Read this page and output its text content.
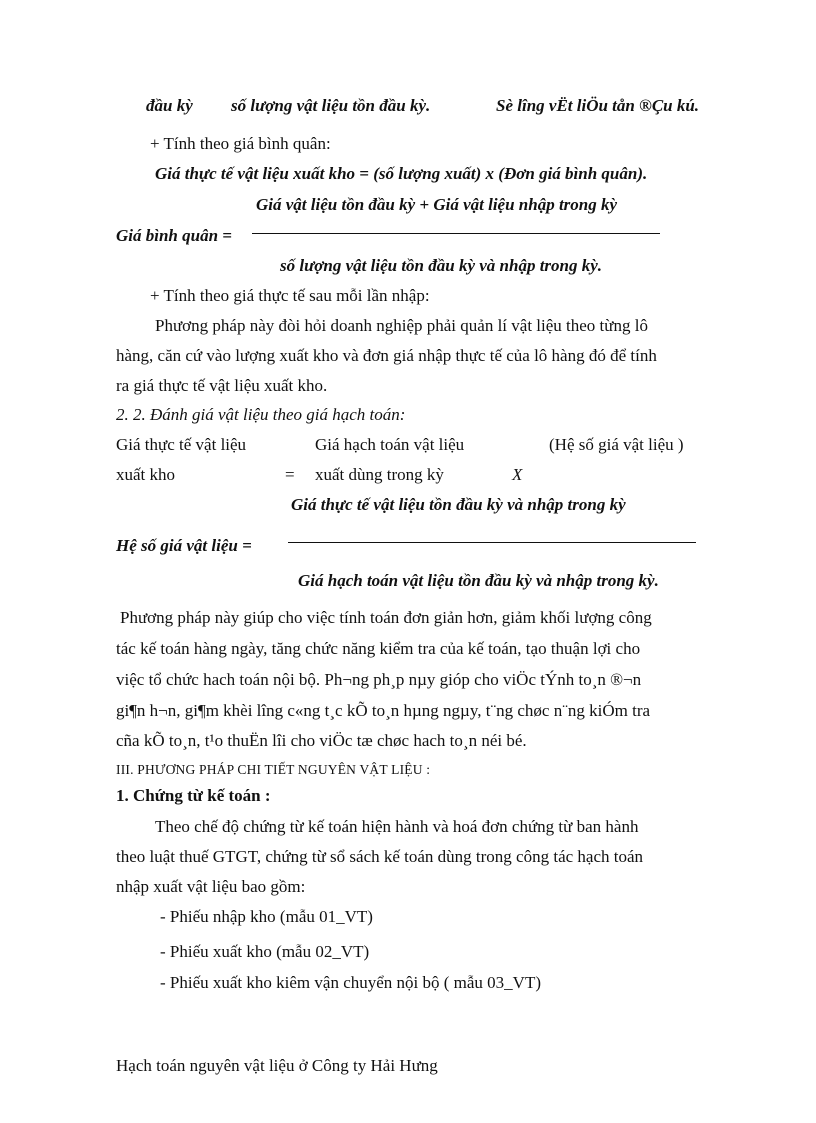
đầu kỳ số lượng vật liệu tồn đầu kỳ.	Sè lîng vËt liÖu tån ®Çu kú.
+ Tính theo giá bình quân:
Giá thực tế vật liệu xuất kho = (số lượng xuất) x (Đơn giá bình quân).
Giá vật liệu tồn đầu kỳ + Giá vật liệu nhập trong kỳ
Giá bình quân =
số lượng vật liệu tồn đầu kỳ và nhập trong kỳ.
+ Tính theo giá thực tế sau mỗi lần nhập:
Phương pháp này đòi hỏi doanh nghiệp phải quản lí vật liệu theo từng lô
hàng, căn cứ vào lượng xuất kho và đơn giá nhập thực tế của lô hàng đó để tính
ra giá thực tế vật liệu xuất kho.
2. 2. Đánh giá vật liệu theo giá hạch toán:
Giá thực tế vật liệu
xuất kho	=
Giá hạch toán vật liệu
xuất dùng trong kỳ
(Hệ số giá vật liệu )
X
Giá thực tế vật liệu tồn đầu kỳ và nhập trong kỳ
Hệ số giá vật liệu =
Giá hạch toán vật liệu tồn đầu kỳ và nhập trong kỳ.
Phương pháp này giúp cho việc tính toán đơn giản hơn, giảm khối lượng công
tác kế toán hàng ngày, tăng chức năng kiểm tra của kế toán, tạo thuận lợi cho
việc tổ chức hach toán nội bộ. Ph¬ng ph¸p nµy gióp cho viÖc tÝnh to¸n ®¬n
gi¶n h¬n, gi¶m khèi lîng c«ng t¸c kÕ to¸n hµng ngµy, t¨ng chøc n¨ng kiÓm tra
cña kÕ to¸n, t¹o thuËn lîi cho viÖc tæ chøc hach to¸n néi bé.
III. PHƯƠNG PHÁP CHI TIẾT NGUYÊN VẬT LIỆU :
1. Chứng từ kế toán :
Theo chế độ chứng từ kế toán hiện hành và hoá đơn chứng từ ban hành
theo luật thuế GTGT, chứng từ sổ sách kế toán dùng trong công tác hạch toán
nhập xuất vật liệu bao gồm:
- Phiếu nhập kho (mẫu 01_VT)
- Phiếu xuất kho (mẫu 02_VT)
- Phiếu xuất kho kiêm vận chuyển nội bộ ( mẫu 03_VT)
Hạch toán nguyên vật liệu ở Công ty Hải Hưng
